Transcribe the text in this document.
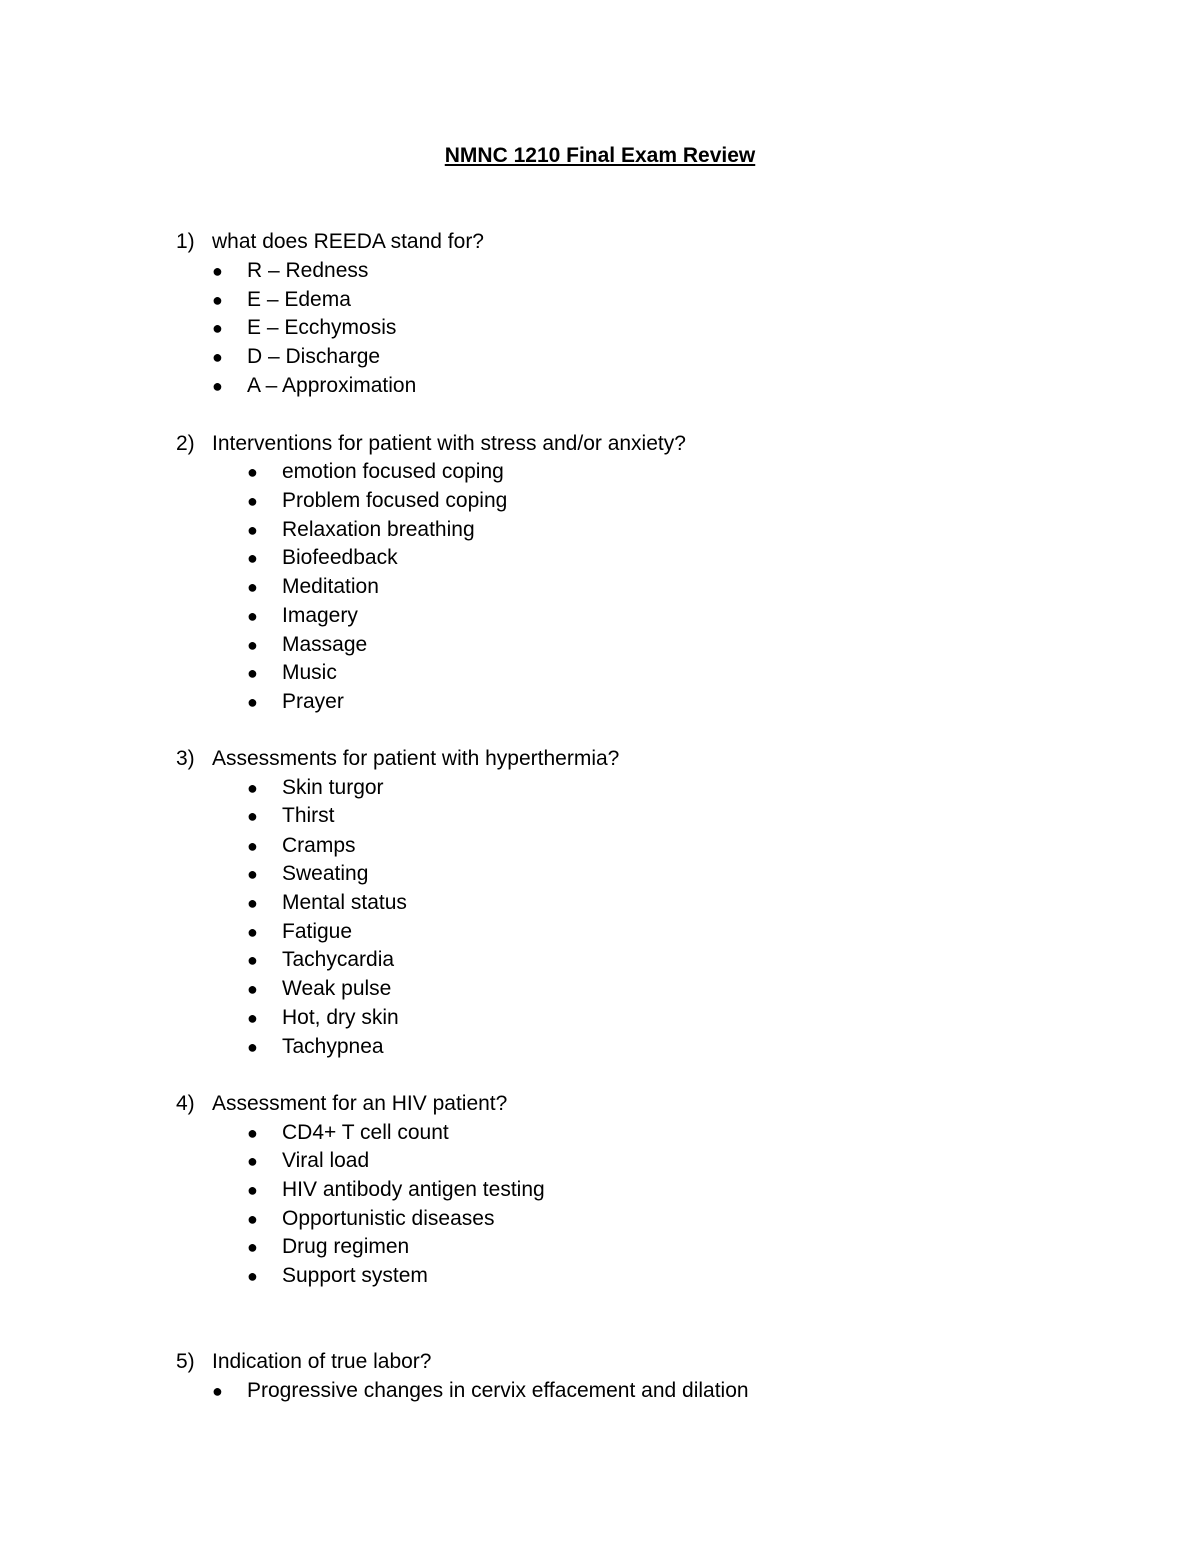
NMNC 1210 Final Exam Review
1) what does REEDA stand for?
● R – Redness
● E – Edema
● E – Ecchymosis
● D – Discharge
● A – Approximation
2) Interventions for patient with stress and/or anxiety?
● emotion focused coping
● Problem focused coping
● Relaxation breathing
● Biofeedback
● Meditation
● Imagery
● Massage
● Music
● Prayer
3) Assessments for patient with hyperthermia?
● Skin turgor
● Thirst
● Cramps
● Sweating
● Mental status
● Fatigue
● Tachycardia
● Weak pulse
● Hot, dry skin
● Tachypnea
4) Assessment for an HIV patient?
● CD4+ T cell count
● Viral load
● HIV antibody antigen testing
● Opportunistic diseases
● Drug regimen
● Support system
5) Indication of true labor?
● Progressive changes in cervix effacement and dilation
